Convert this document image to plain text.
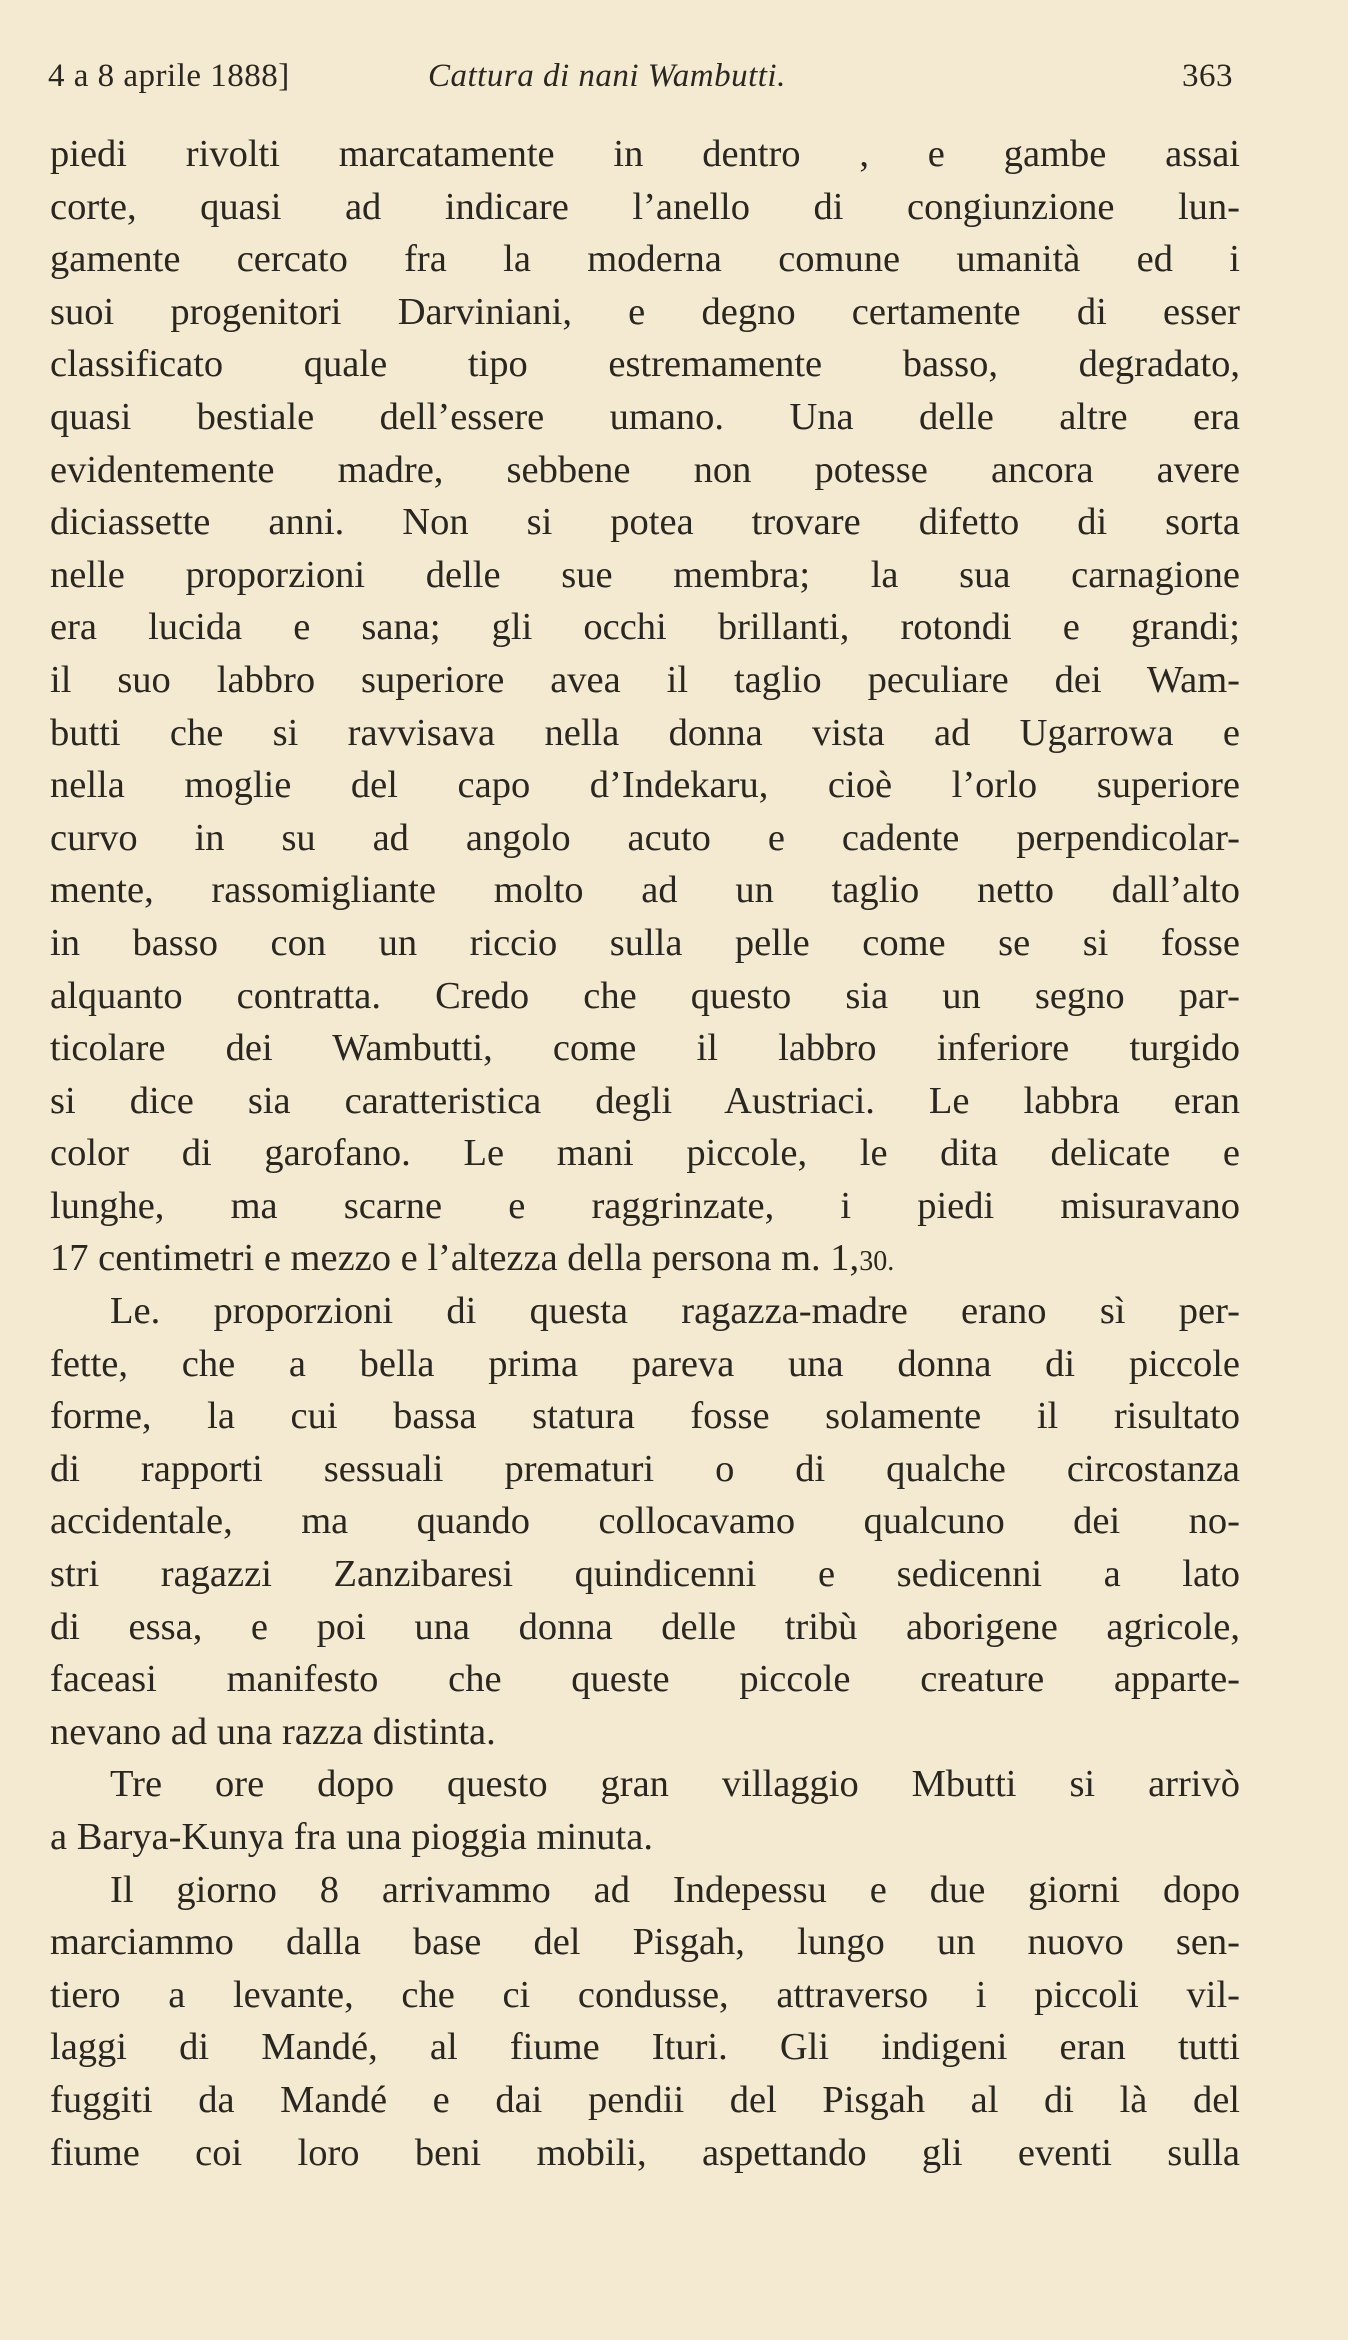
4 a 8 aprile 1888]	Cattura di nani Wambutti.	363
piedi rivolti marcatamente in dentro , e gambe assai
corte, quasi ad indicare l’anello di congiunzione lun-
gamente cercato fra la moderna comune umanità ed i
suoi progenitori Darviniani, e degno certamente di esser
classificato quale tipo estremamente basso, degradato,
quasi bestiale dell’essere umano. Una delle altre era
evidentemente madre, sebbene non potesse ancora avere
diciassette anni. Non si potea trovare difetto di sorta
nelle proporzioni delle sue membra; la sua carnagione
era lucida e sana; gli occhi brillanti, rotondi e grandi;
il suo labbro superiore avea il taglio peculiare dei Wam-
butti che si ravvisava nella donna vista ad Ugarrowa e
nella moglie del capo d’Indekaru, cioè l’orlo superiore
curvo in su ad angolo acuto e cadente perpendicolar-
mente, rassomigliante molto ad un taglio netto dall’alto
in basso con un riccio sulla pelle come se si fosse
alquanto contratta. Credo che questo sia un segno par-
ticolare dei Wambutti, come il labbro inferiore turgido
si dice sia caratteristica degli Austriaci. Le labbra eran
color di garofano. Le mani piccole, le dita delicate e
lunghe, ma scarne e raggrinzate, i piedi misuravano
17 centimetri e mezzo e l’altezza della persona m. 1,30.
Le. proporzioni di questa ragazza-madre erano sì per-
fette, che a bella prima pareva una donna di piccole
forme, la cui bassa statura fosse solamente il risultato
di rapporti sessuali prematuri o di qualche circostanza
accidentale, ma quando collocavamo qualcuno dei no-
stri ragazzi Zanzibaresi quindicenni e sedicenni a lato
di essa, e poi una donna delle tribù aborigene agricole,
faceasi manifesto che queste piccole creature apparte-
nevano ad una razza distinta.
Tre ore dopo questo gran villaggio Mbutti si arrivò
a Barya-Kunya fra una pioggia minuta.
Il giorno 8 arrivammo ad Indepessu e due giorni dopo
marciammo dalla base del Pisgah, lungo un nuovo sen-
tiero a levante, che ci condusse, attraverso i piccoli vil-
laggi di Mandé, al fiume Ituri. Gli indigeni eran tutti
fuggiti da Mandé e dai pendii del Pisgah al di là del
fiume coi loro beni mobili, aspettando gli eventi sulla
